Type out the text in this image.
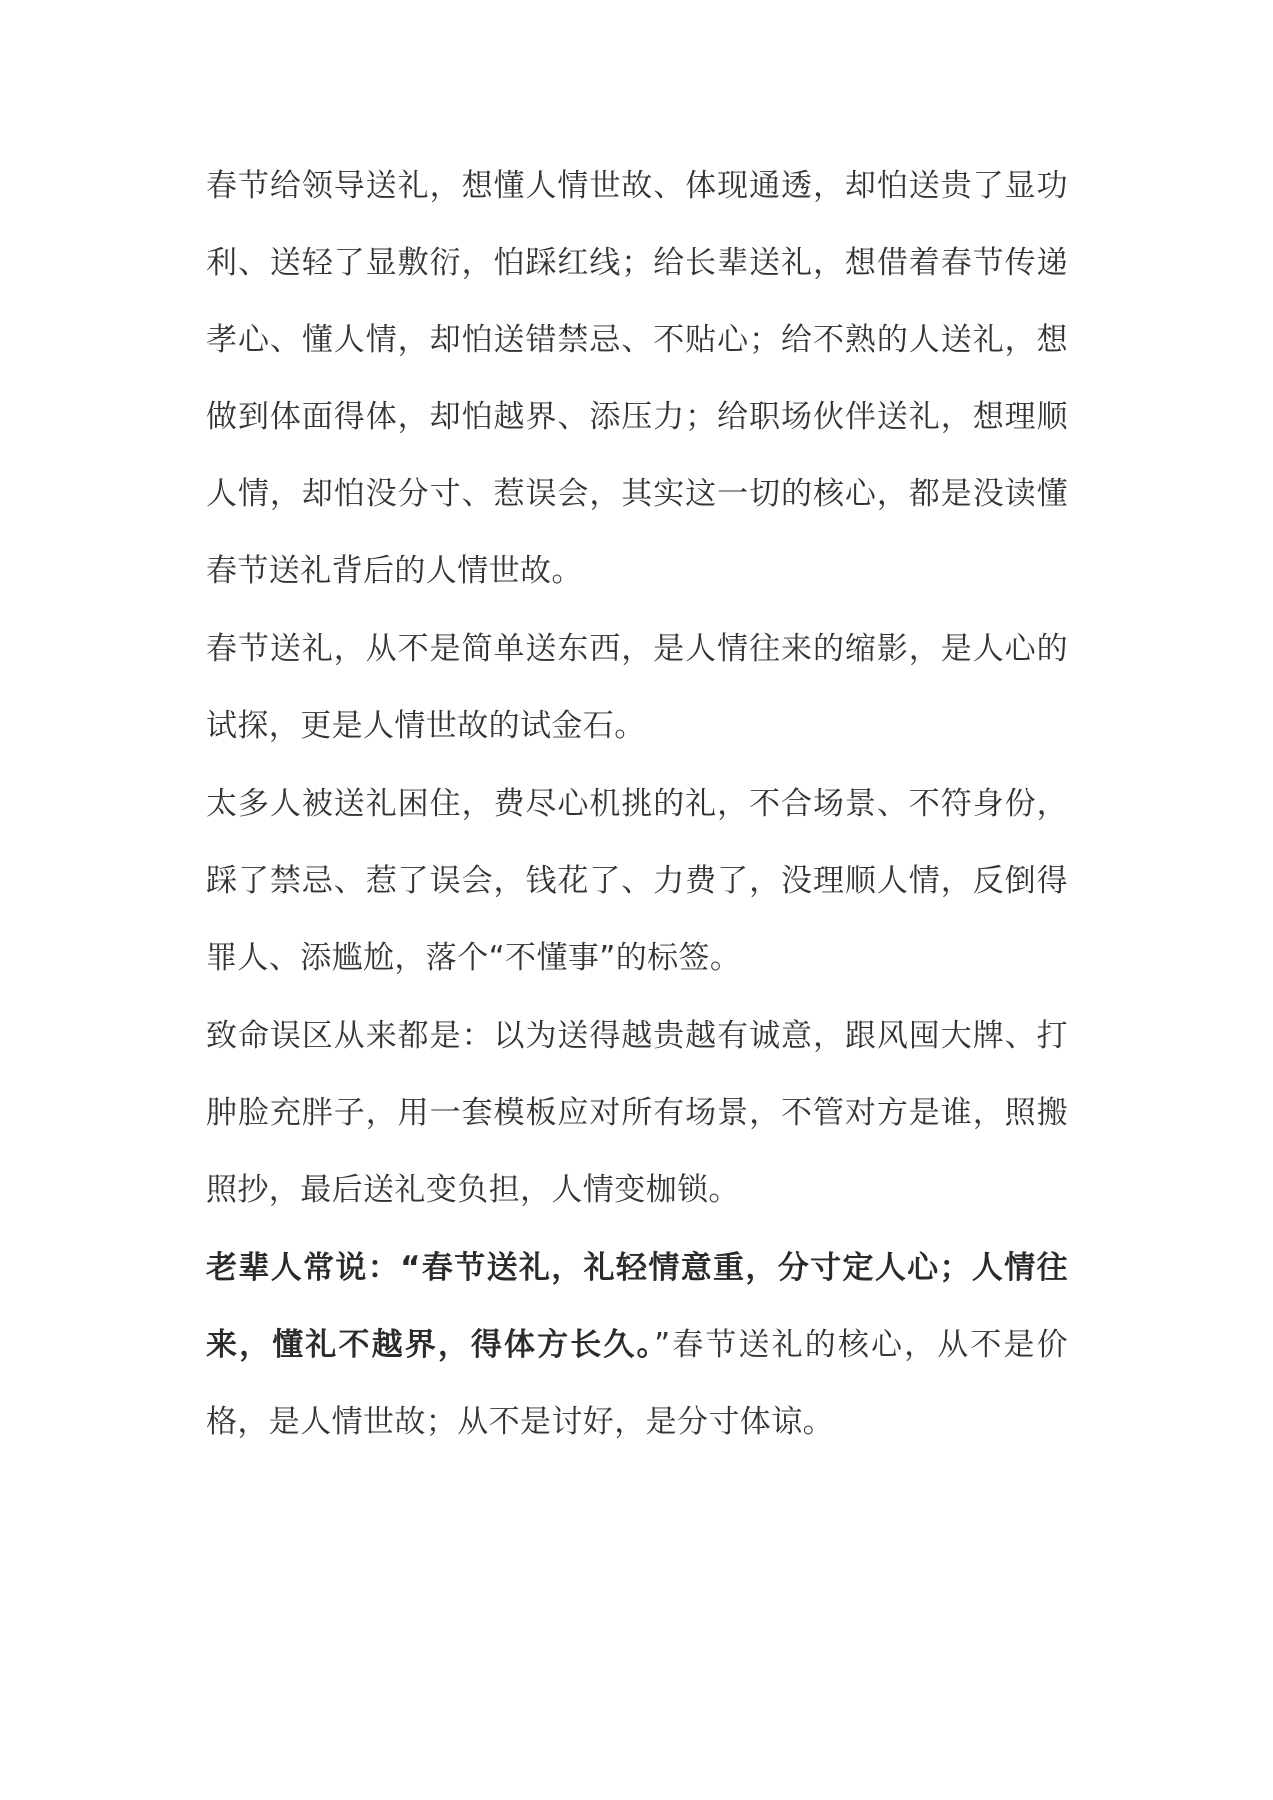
春节给领导送礼，想懂人情世故、体现通透，却怕送贵了显功利、送轻了显敷衍，怕踩红线；给长辈送礼，想借着春节传递孝心、懂人情，却怕送错禁忌、不贴心；给不熟的人送礼，想做到体面得体，却怕越界、添压力；给职场伙伴送礼，想理顺人情，却怕没分寸、惹误会，其实这一切的核心，都是没读懂春节送礼背后的人情世故。

春节送礼，从不是简单送东西，是人情往来的缩影，是人心的试探，更是人情世故的试金石。

太多人被送礼困住，费尽心机挑的礼，不合场景、不符身份，踩了禁忌、惹了误会，钱花了、力费了，没理顺人情，反倒得罪人、添尴尬，落个“不懂事”的标签。

致命误区从来都是：以为送得越贵越有诚意，跟风囤大牌、打肿脸充胖子，用一套模板应对所有场景，不管对方是谁，照搬照抄，最后送礼变负担，人情变枷锁。

老辈人常说：“春节送礼，礼轻情意重，分寸定人心；人情往来，懂礼不越界，得体方长久。”春节送礼的核心，从不是价格，是人情世故；从不是讨好，是分寸体谅。
